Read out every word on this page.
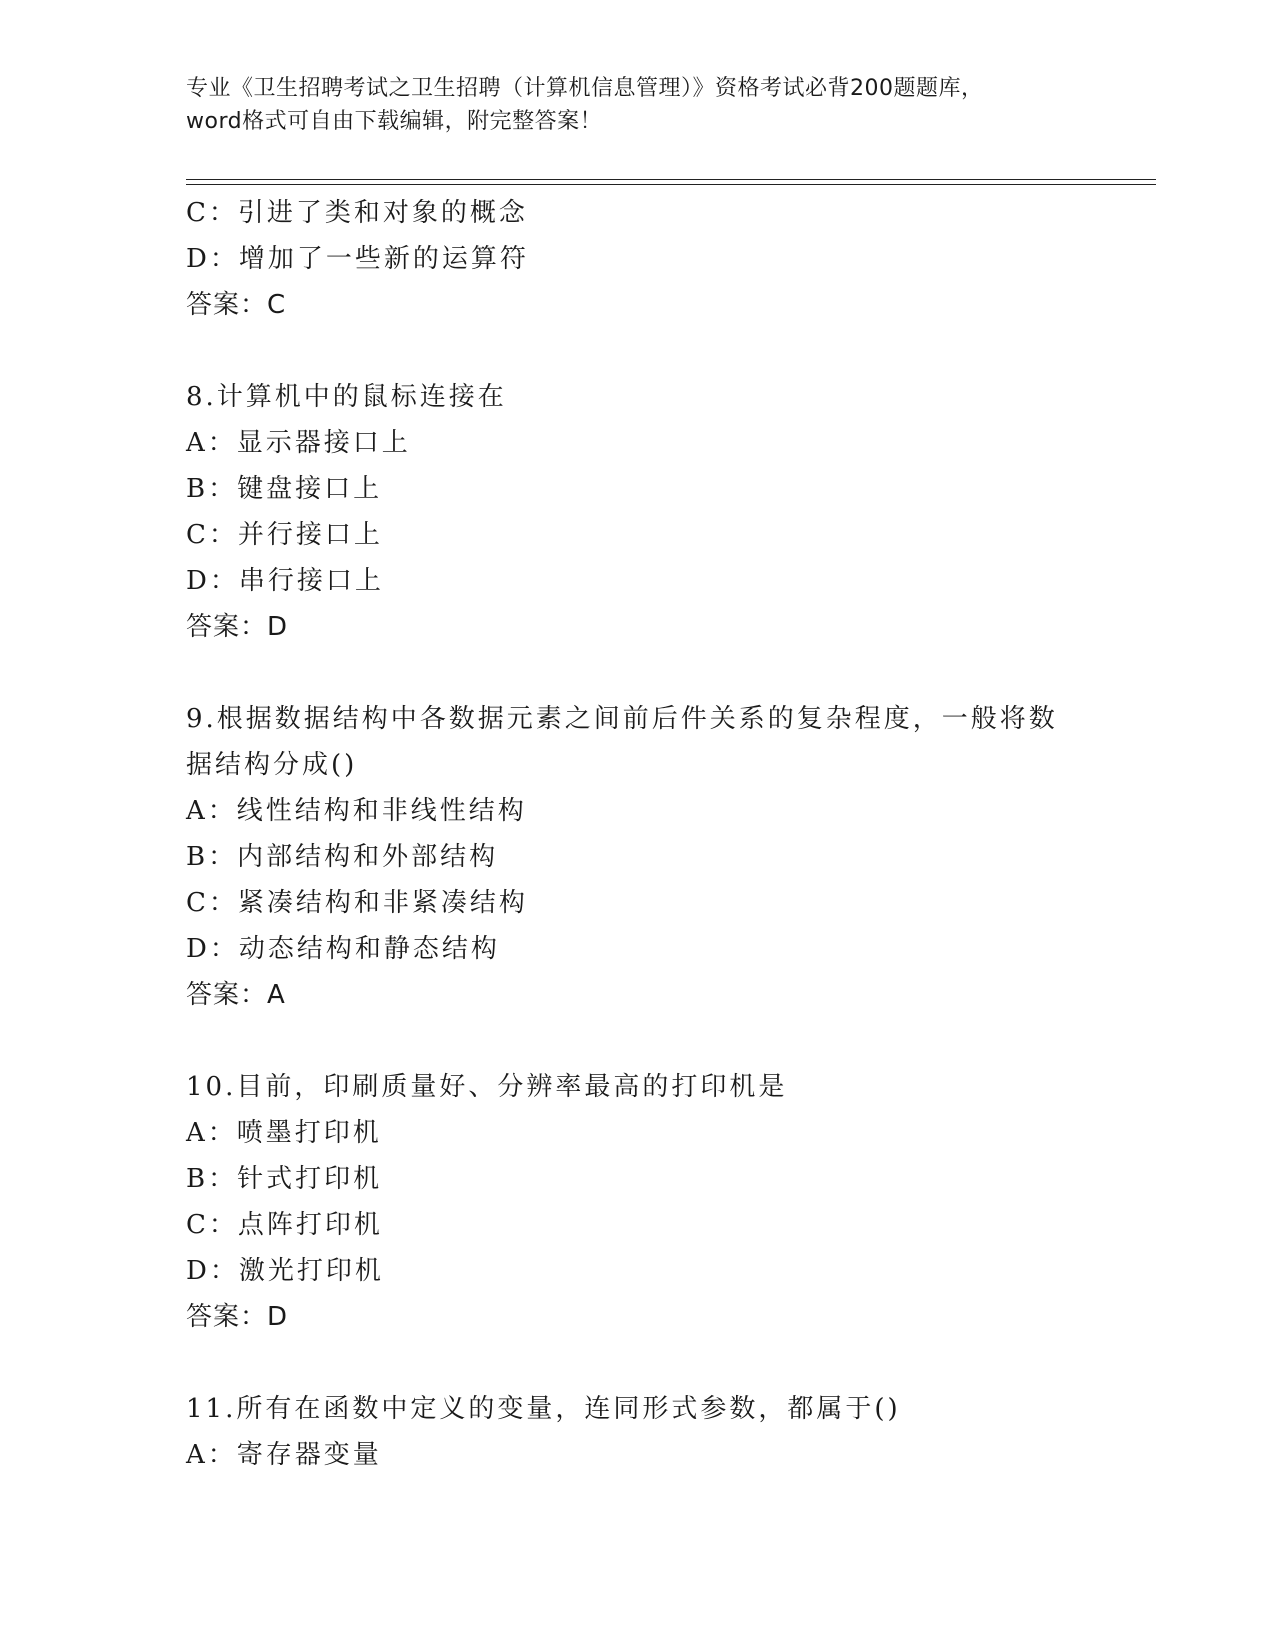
专业《卫生招聘考试之卫生招聘（计算机信息管理）》资格考试必背200题题库，
word格式可自由下载编辑，附完整答案！
C：引进了类和对象的概念
D：增加了一些新的运算符
答案：C
8.计算机中的鼠标连接在
A：显示器接口上
B：键盘接口上
C：并行接口上
D：串行接口上
答案：D
9.根据数据结构中各数据元素之间前后件关系的复杂程度，一般将数
据结构分成()
A：线性结构和非线性结构
B：内部结构和外部结构
C：紧凑结构和非紧凑结构
D：动态结构和静态结构
答案：A
10.目前，印刷质量好、分辨率最高的打印机是
A：喷墨打印机
B：针式打印机
C：点阵打印机
D：激光打印机
答案：D
11.所有在函数中定义的变量，连同形式参数，都属于()
A：寄存器变量
